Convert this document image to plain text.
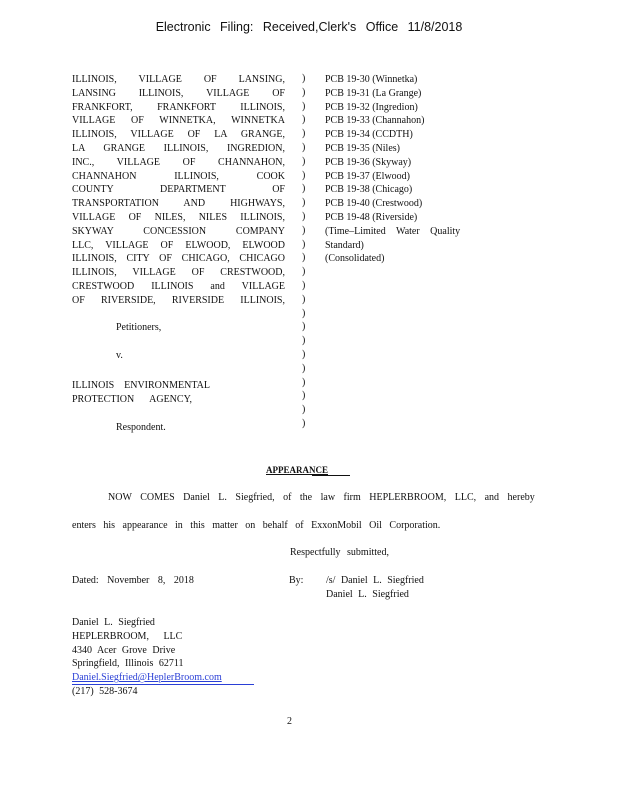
Electronic Filing: Received,Clerk's Office 11/8/2018
ILLINOIS, VILLAGE OF LANSING,
LANSING ILLINOIS, VILLAGE OF
FRANKFORT, FRANKFORT ILLINOIS,
VILLAGE OF WINNETKA, WINNETKA
ILLINOIS, VILLAGE OF LA GRANGE,
LA GRANGE ILLINOIS, INGREDION,
INC., VILLAGE OF CHANNAHON,
CHANNAHON ILLINOIS, COOK
COUNTY DEPARTMENT OF
TRANSPORTATION AND HIGHWAYS,
VILLAGE OF NILES, NILES ILLINOIS,
SKYWAY CONCESSION COMPANY
LLC, VILLAGE OF ELWOOD, ELWOOD
ILLINOIS, CITY OF CHICAGO, CHICAGO
ILLINOIS, VILLAGE OF CRESTWOOD,
CRESTWOOD ILLINOIS and VILLAGE
OF RIVERSIDE, RIVERSIDE ILLINOIS,
Petitioners,
v.
ILLINOIS ENVIRONMENTAL
PROTECTION AGENCY,
Respondent.
)
)
)
)
)
)
)
)
)
)
)
)
)
)
)
)
)
)
)
)
)
)
)
)
)
)
PCB 19-30 (Winnetka)
PCB 19-31 (La Grange)
PCB 19-32 (Ingredion)
PCB 19-33 (Channahon)
PCB 19-34 (CCDTH)
PCB 19-35 (Niles)
PCB 19-36 (Skyway)
PCB 19-37 (Elwood)
PCB 19-38 (Chicago)
PCB 19-40 (Crestwood)
PCB 19-48 (Riverside)
(Time–Limited Water Quality
Standard)
(Consolidated)
APPEARANCE
NOW COMES Daniel L. Siegfried, of the law firm HEPLERBROOM, LLC, and hereby
enters his appearance in this matter on behalf of ExxonMobil Oil Corporation.
Respectfully submitted,
Dated: November 8, 2018	By: /s/ Daniel L. Siegfried
Daniel L. Siegfried
Daniel L. Siegfried
HEPLERBROOM, LLC
4340 Acer Grove Drive
Springfield, Illinois 62711
Daniel.Siegfried@HeplerBroom.com
(217) 528-3674
2
